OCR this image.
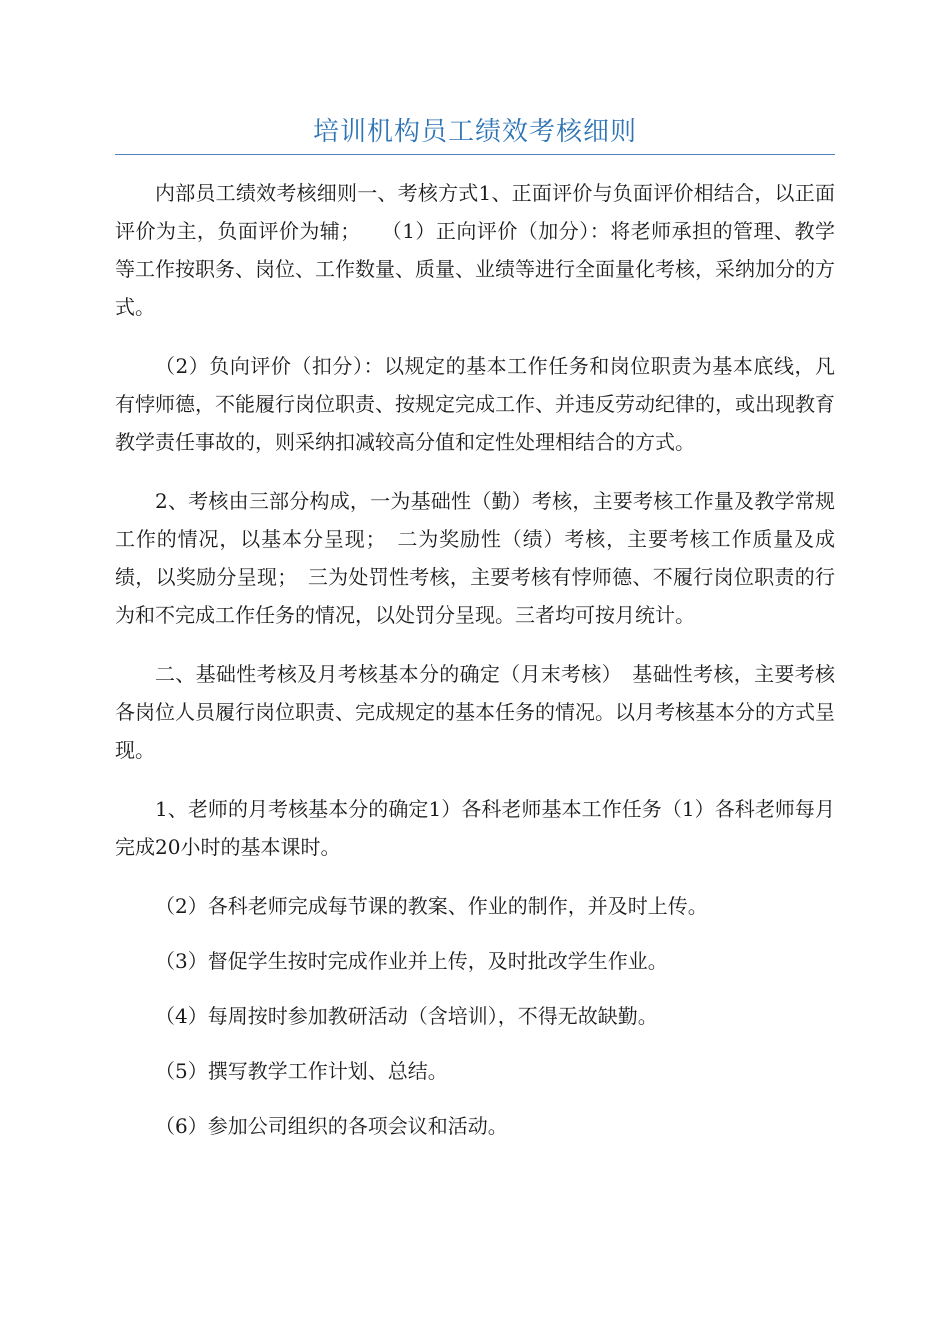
培训机构员工绩效考核细则

内部员工绩效考核细则一、考核方式1、正面评价与负面评价相结合，以正面评价为主，负面评价为辅；　　（1）正向评价（加分）：将老师承担的管理、教学等工作按职务、岗位、工作数量、质量、业绩等进行全面量化考核，采纳加分的方式。

（2）负向评价（扣分）：以规定的基本工作任务和岗位职责为基本底线，凡有悖师德，不能履行岗位职责、按规定完成工作、并违反劳动纪律的，或出现教育教学责任事故的，则采纳扣减较高分值和定性处理相结合的方式。

2、考核由三部分构成，一为基础性（勤）考核，主要考核工作量及教学常规工作的情况，以基本分呈现；　二为奖励性（绩）考核，主要考核工作质量及成绩，以奖励分呈现；　三为处罚性考核，主要考核有悖师德、不履行岗位职责的行为和不完成工作任务的情况，以处罚分呈现。三者均可按月统计。

二、基础性考核及月考核基本分的确定（月末考核）　基础性考核，主要考核各岗位人员履行岗位职责、完成规定的基本任务的情况。以月考核基本分的方式呈现。

1、老师的月考核基本分的确定1）各科老师基本工作任务（1）各科老师每月完成20小时的基本课时。

（2）各科老师完成每节课的教案、作业的制作，并及时上传。

（3）督促学生按时完成作业并上传，及时批改学生作业。

（4）每周按时参加教研活动（含培训），不得无故缺勤。

（5）撰写教学工作计划、总结。

（6）参加公司组织的各项会议和活动。
